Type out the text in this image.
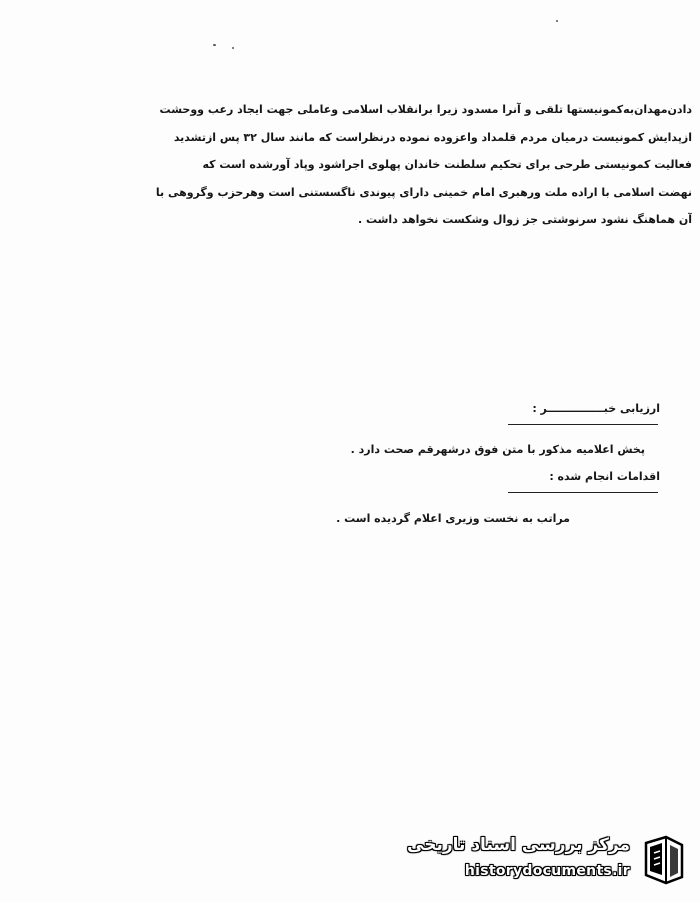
دادن‌مهدان‌به‌کمونیستها تلقی و آنرا مسدود زیرا برانقلاب اسلامی وعاملی جهت ایجاد رعب ووحشت
ازپدایش کمونیست درمیان مردم قلمداد واعزوده نموده درنظراست که مانند سال ۳۲ پس ازتشدید
فعالیت کمونیستی طرحی برای تحکیم سلطنت خاندان پهلوی اجراشود وپاد آورشده است که
نهضت اسلامی با اراده ملت ورهبری امام خمینی دارای پیوندی ناگسستنی است وهرحزب وگروهی با
آن هماهنگ نشود سرنوشتی جز زوال وشکست نخواهد داشت .
ارزیابی خبـــــــــــــــر :
پخش اعلامیه مذکور با متن فوق درشهرقم صحت دارد .
اقدامات انجام شده :
مراتب به نخست وزیری اعلام گردیده است .
مرکز بررسی اسناد تاریخی
historydocuments.ir
